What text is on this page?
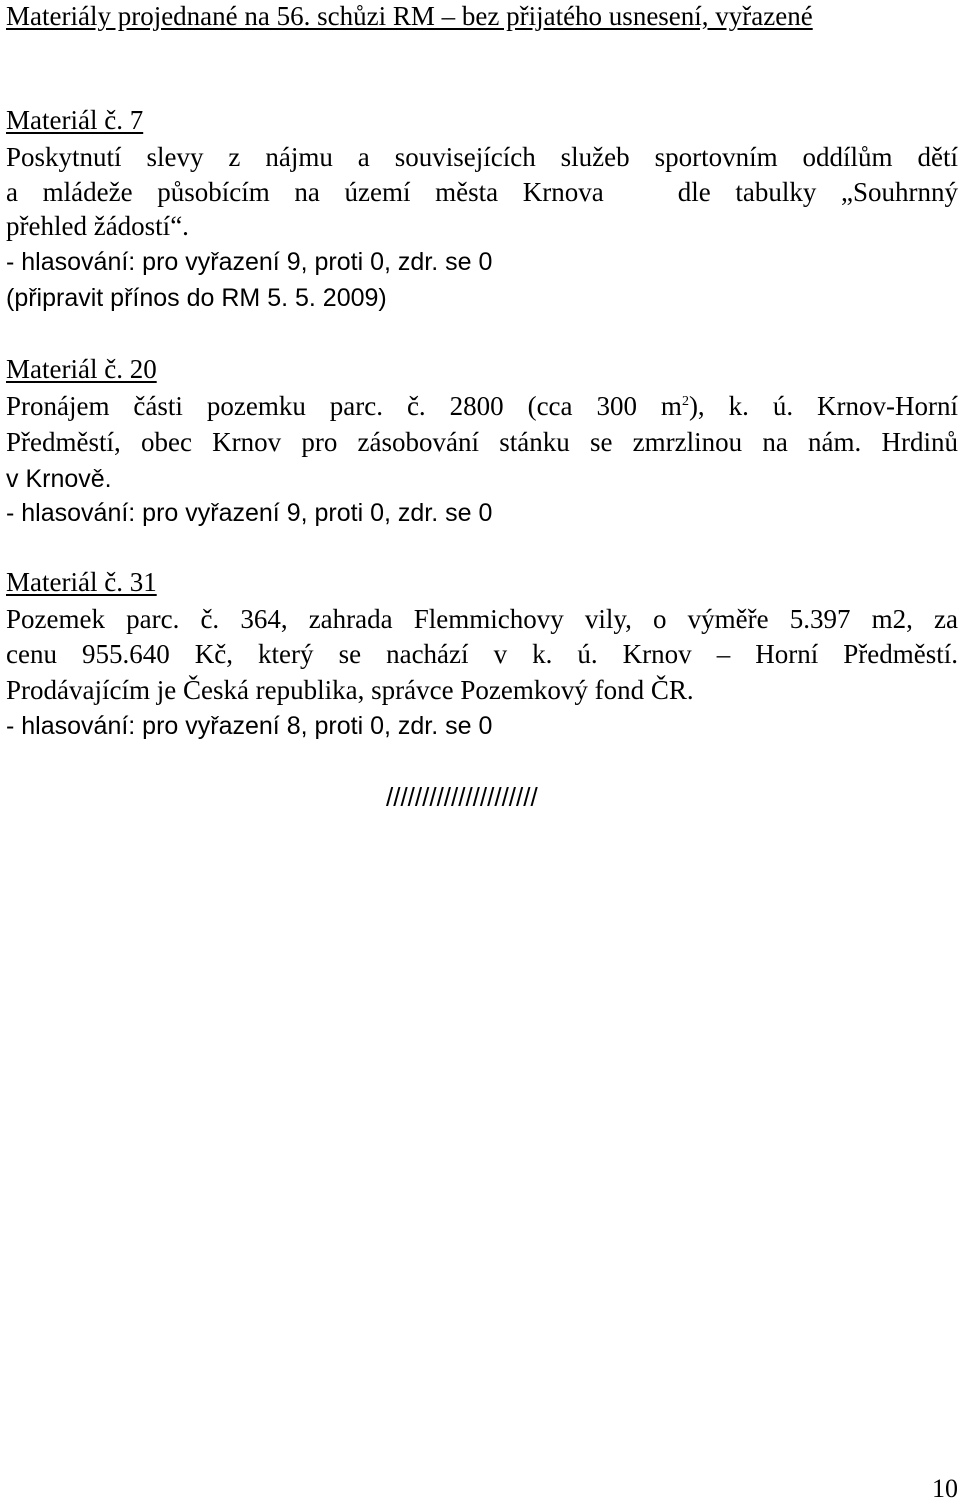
Materiály projednané na 56. schůzi RM – bez přijatého usnesení, vyřazené
Materiál č. 7
Poskytnutí slevy z nájmu a souvisejících služeb sportovním oddílům dětí
a mládeže působícím na území města Krnova   dle tabulky „Souhrnný
přehled žádostí“.
- hlasování: pro vyřazení 9, proti 0, zdr. se 0
(připravit přínos do RM 5. 5. 2009)
Materiál č. 20
Pronájem části pozemku parc. č. 2800 (cca 300 $m^2$), k. ú. Krnov-Horní
Předměstí, obec Krnov pro zásobování stánku se zmrzlinou na nám. Hrdinů
v Krnově.
- hlasování: pro vyřazení 9, proti 0, zdr. se 0
Materiál č. 31
Pozemek parc. č. 364, zahrada Flemmichovy vily, o výměře 5.397 m2, za
cenu 955.640 Kč, který se nachází v k. ú. Krnov – Horní Předměstí.
Prodávajícím je Česká republika, správce Pozemkový fond ČR.
- hlasování: pro vyřazení 8, proti 0, zdr. se 0
/////////////////////
10
